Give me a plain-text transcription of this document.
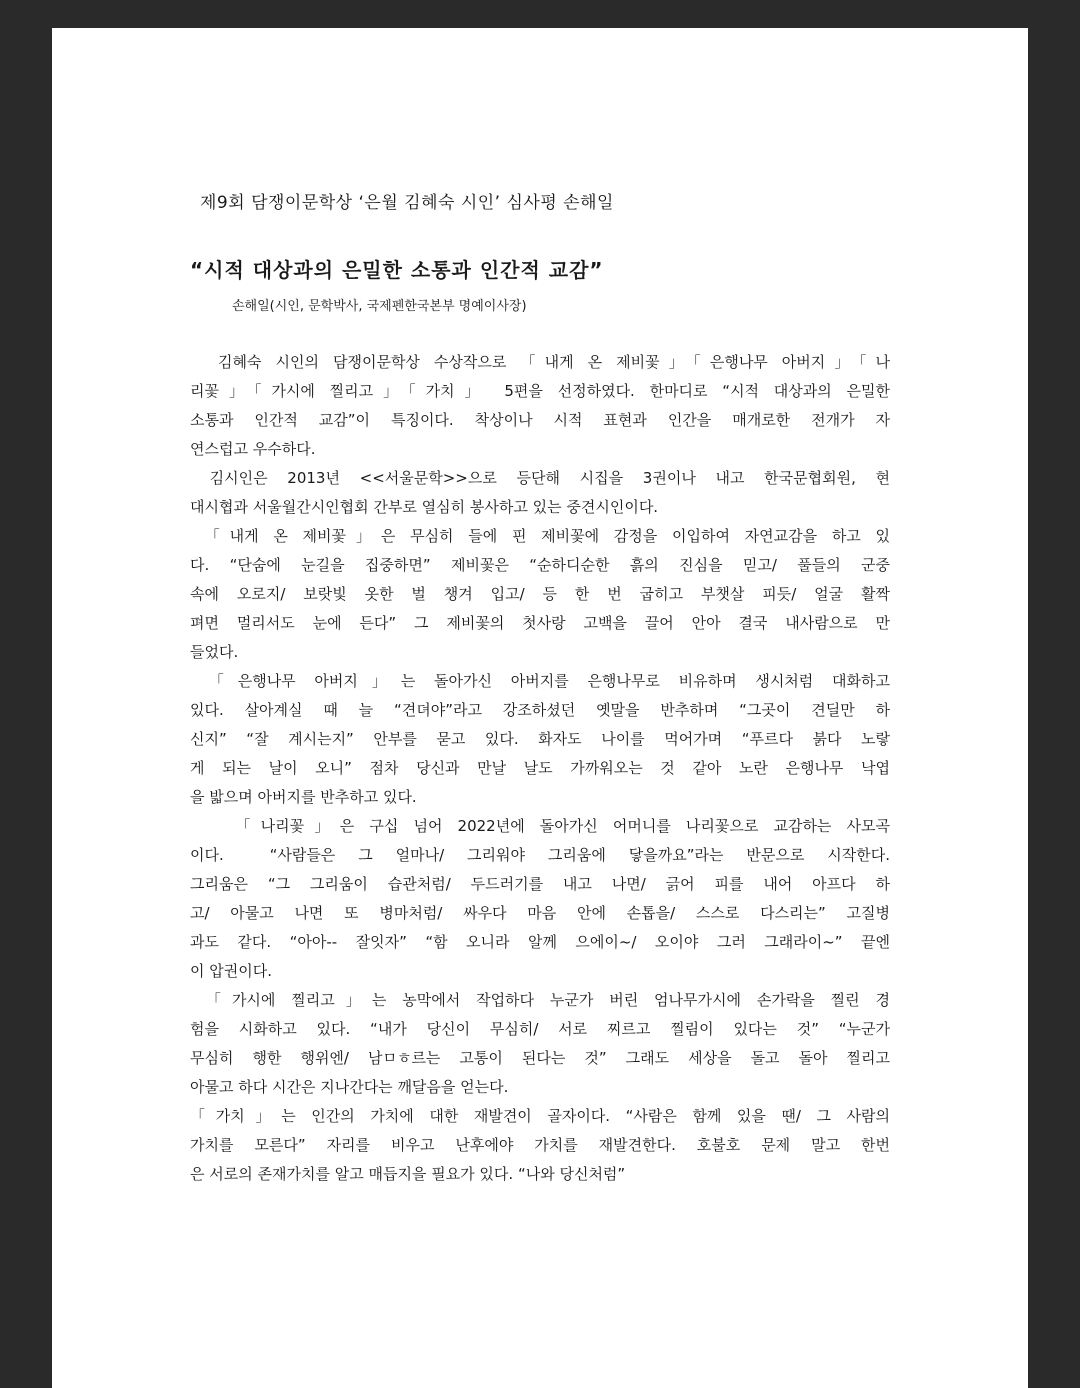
제9회 담쟁이문학상 ‘은월 김혜숙 시인’ 심사평 손해일
“시적 대상과의 은밀한 소통과 인간적 교감”
손해일(시인, 문학박사, 국제펜한국본부 명예이사장)
김혜숙 시인의 담쟁이문학상 수상작으로 「내게 온 제비꽃」「은행나무 아버지」「나
리꽃」「가시에 찔리고」「가치」 5편을 선정하였다. 한마디로 “시적 대상과의 은밀한
소통과 인간적 교감”이 특징이다. 착상이나 시적 표현과 인간을 매개로한 전개가 자
연스럽고 우수하다.
김시인은 2013년 <<서울문학>>으로 등단해 시집을 3권이나 내고 한국문협회원, 현
대시협과 서울월간시인협회 간부로 열심히 봉사하고 있는 중견시인이다.
「내게 온 제비꽃」은 무심히 들에 핀 제비꽃에 감정을 이입하여 자연교감을 하고 있
다. “단숨에 눈길을 집중하면” 제비꽃은 “순하디순한 흙의 진심을 믿고/ 풀들의 군중
속에 오로지/ 보랏빛 옷한 벌 챙겨 입고/ 등 한 번 굽히고 부챗살 피듯/ 얼굴 활짝
펴면 멀리서도 눈에 든다” 그 제비꽃의 첫사랑 고백을 끌어 안아 결국 내사람으로 만
들었다.
「은행나무 아버지」는 돌아가신 아버지를 은행나무로 비유하며 생시처럼 대화하고
있다. 살아계실 때 늘 “견뎌야”라고 강조하셨던 옛말을 반추하며 “그곳이 견딜만 하
신지” “잘 계시는지” 안부를 묻고 있다. 화자도 나이를 먹어가며 “푸르다 붉다 노랗
게 되는 날이 오니” 점차 당신과 만날 날도 가까워오는 것 같아 노란 은행나무 낙엽
을 밟으며 아버지를 반추하고 있다.
「나리꽃」은 구십 넘어 2022년에 돌아가신 어머니를 나리꽃으로 교감하는 사모곡
이다.  “사람들은 그 얼마나/ 그리워야 그리움에 닿을까요”라는 반문으로 시작한다.
그리움은 “그 그리움이 습관처럼/ 두드러기를 내고 나면/ 긁어 피를 내어 아프다 하
고/ 아물고 나면 또 병마처럼/ 싸우다 마음 안에 손톱을/ 스스로 다스리는” 고질병
과도 같다. “아아-- 잘잇자” “함 오니라 알께 으에이~/ 오이야 그러 그래라이~” 끝엔
이 압권이다.
「가시에 찔리고」는 농막에서 작업하다 누군가 버린 엄나무가시에 손가락을 찔린 경
험을 시화하고 있다. “내가 당신이 무심히/ 서로 찌르고 찔림이 있다는 것” “누군가
무심히 행한 행위엔/ 남ㅁㅎ르는 고통이 된다는 것” 그래도 세상을 돌고 돌아 찔리고
아물고 하다 시간은 지나간다는 깨달음을 얻는다.
「가치」는 인간의 가치에 대한 재발견이 골자이다. “사람은 함께 있을 땐/ 그 사람의
가치를 모른다” 자리를 비우고 난후에야 가치를 재발견한다. 호불호 문제 말고 한번
은 서로의 존재가치를 알고 매듭지을 필요가 있다. “나와 당신처럼”
